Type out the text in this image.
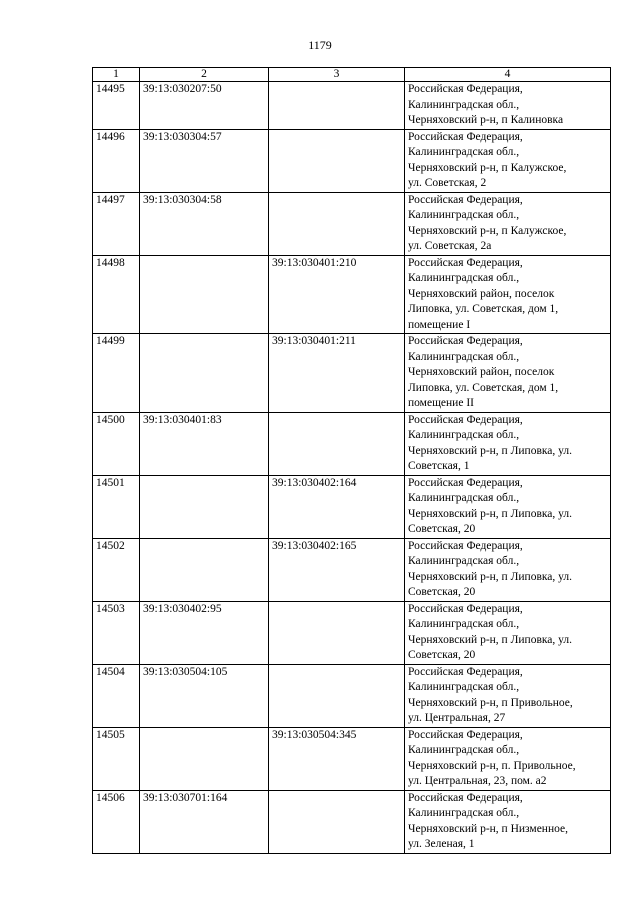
1179
1	2	3	4
14495	39:13:030207:50		Российская Федерация,
Калининградская обл.,
Черняховский р-н, п Калиновка

14496	39:13:030304:57		Российская Федерация,
Калининградская обл.,
Черняховский р-н, п Калужское,
ул. Советская, 2

14497	39:13:030304:58		Российская Федерация,
Калининградская обл.,
Черняховский р-н, п Калужское,
ул. Советская, 2а

14498		39:13:030401:210	Российская Федерация,
Калининградская обл.,
Черняховский район, поселок
Липовка, ул. Советская, дом 1,
помещение I

14499		39:13:030401:211	Российская Федерация,
Калининградская обл.,
Черняховский район, поселок
Липовка, ул. Советская, дом 1,
помещение II

14500	39:13:030401:83		Российская Федерация,
Калининградская обл.,
Черняховский р-н, п Липовка, ул.
Советская, 1

14501		39:13:030402:164	Российская Федерация,
Калининградская обл.,
Черняховский р-н, п Липовка, ул.
Советская, 20

14502		39:13:030402:165	Российская Федерация,
Калининградская обл.,
Черняховский р-н, п Липовка, ул.
Советская, 20

14503	39:13:030402:95		Российская Федерация,
Калининградская обл.,
Черняховский р-н, п Липовка, ул.
Советская, 20

14504	39:13:030504:105		Российская Федерация,
Калининградская обл.,
Черняховский р-н, п Привольное,
ул. Центральная, 27

14505		39:13:030504:345	Российская Федерация,
Калининградская обл.,
Черняховский р-н, п. Привольное,
ул. Центральная, 23, пом. а2

14506	39:13:030701:164		Российская Федерация,
Калининградская обл.,
Черняховский р-н, п Низменное,
ул. Зеленая, 1
